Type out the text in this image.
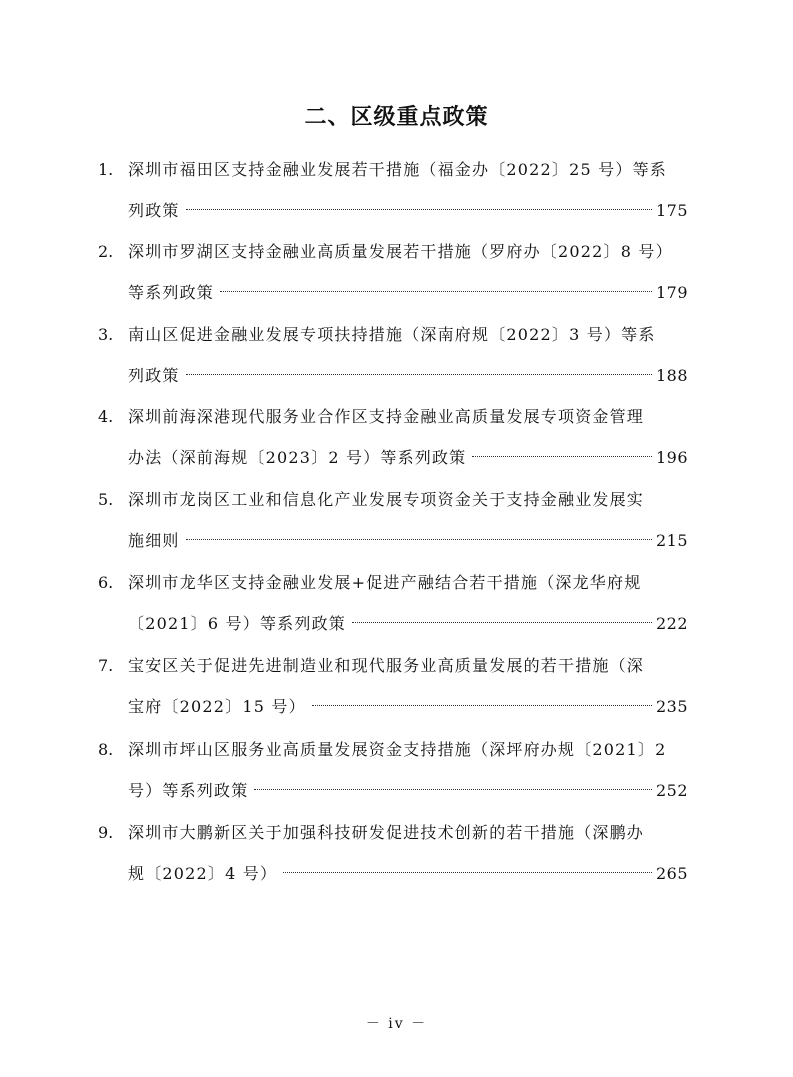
二、区级重点政策
1. 深圳市福田区支持金融业发展若干措施（福金办〔2022〕25 号）等系
列政策	175
2. 深圳市罗湖区支持金融业高质量发展若干措施（罗府办〔2022〕8 号）
等系列政策	179
3. 南山区促进金融业发展专项扶持措施（深南府规〔2022〕3 号）等系
列政策	188
4. 深圳前海深港现代服务业合作区支持金融业高质量发展专项资金管理
办法（深前海规〔2023〕2 号）等系列政策	196
5. 深圳市龙岗区工业和信息化产业发展专项资金关于支持金融业发展实
施细则	215
6. 深圳市龙华区支持金融业发展+促进产融结合若干措施（深龙华府规
〔2021〕6 号）等系列政策	222
7. 宝安区关于促进先进制造业和现代服务业高质量发展的若干措施（深
宝府〔2022〕15 号）	235
8. 深圳市坪山区服务业高质量发展资金支持措施（深坪府办规〔2021〕2
号）等系列政策	252
9. 深圳市大鹏新区关于加强科技研发促进技术创新的若干措施（深鹏办
规〔2022〕4 号）	265
－ iv －
